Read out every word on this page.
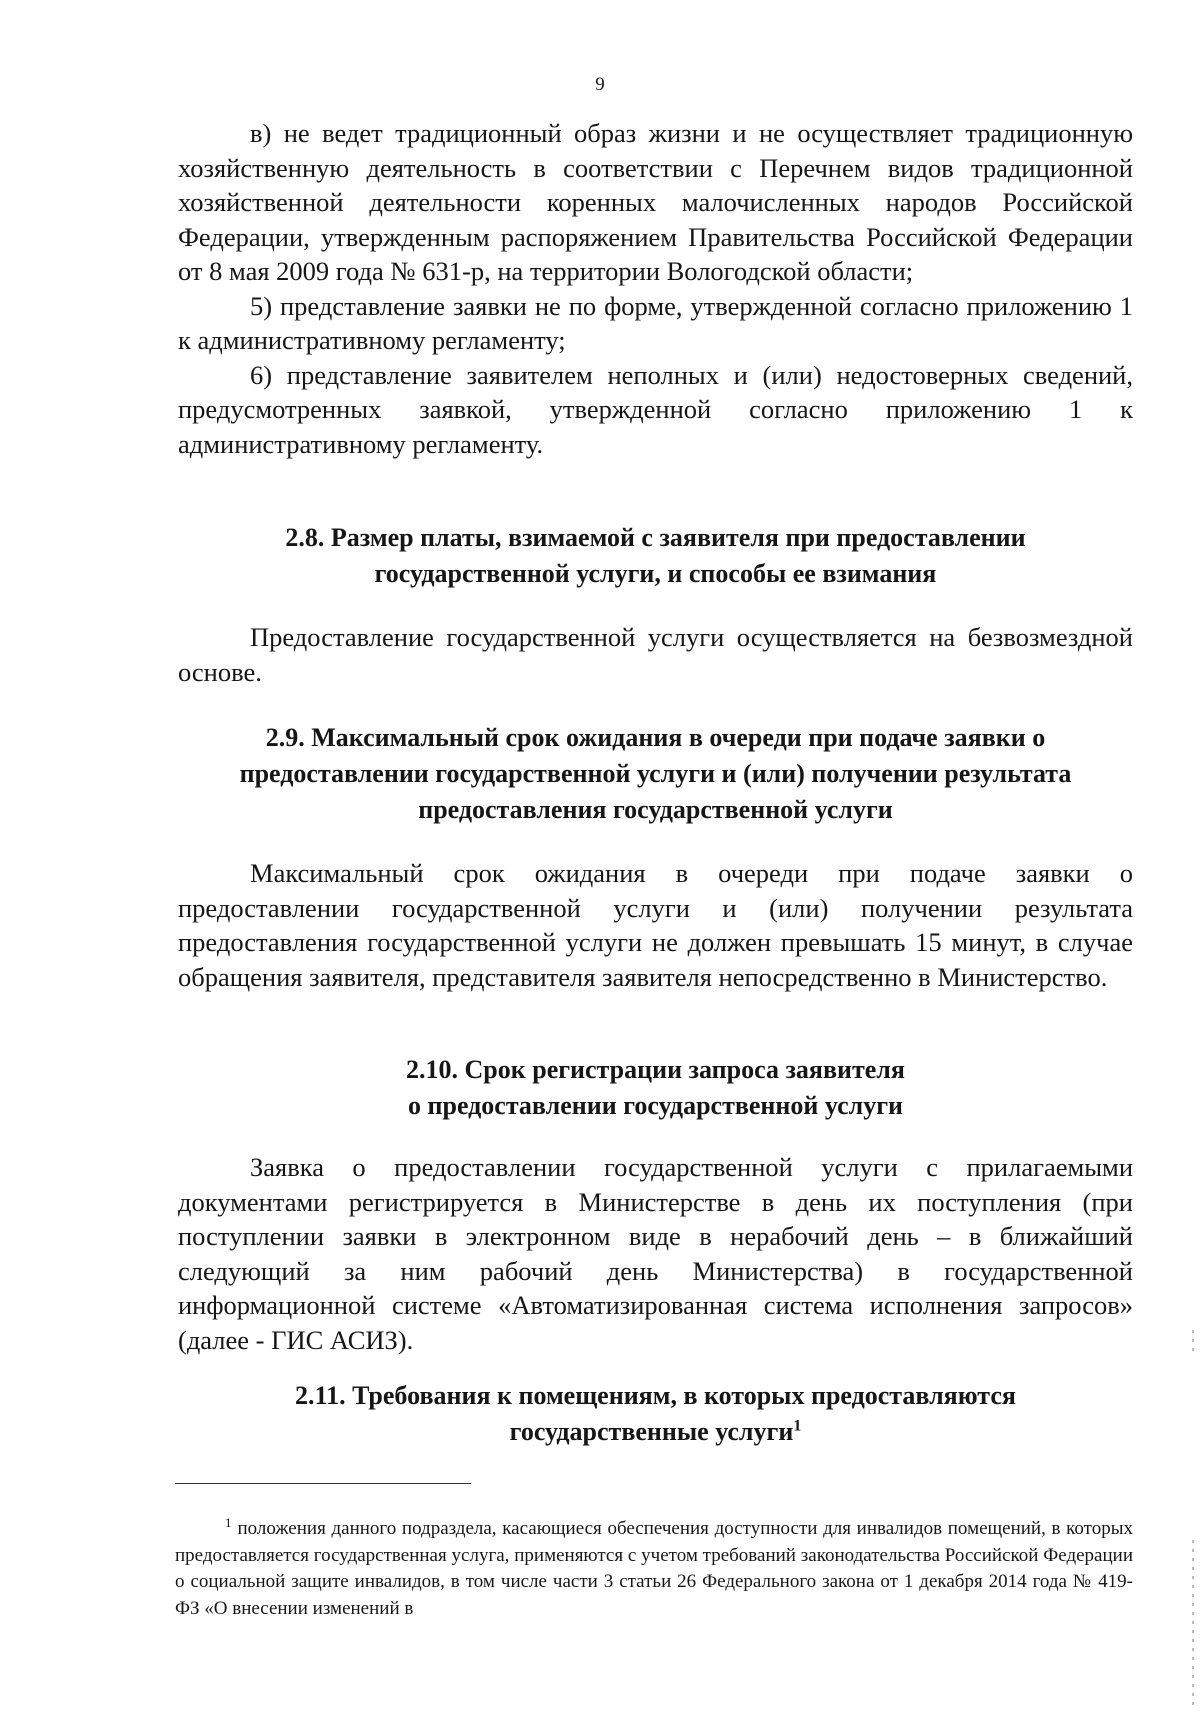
9

в) не ведет традиционный образ жизни и не осуществляет традиционную хозяйственную деятельность в соответствии с Перечнем видов традиционной хозяйственной деятельности коренных малочисленных народов Российской Федерации, утвержденным распоряжением Правительства Российской Федерации от 8 мая 2009 года № 631-р, на территории Вологодской области;

5) представление заявки не по форме, утвержденной согласно приложению 1 к административному регламенту;

6) представление заявителем неполных и (или) недостоверных сведений, предусмотренных заявкой, утвержденной согласно приложению 1 к административному регламенту.

2.8. Размер платы, взимаемой с заявителя при предоставлении
государственной услуги, и способы ее взимания

Предоставление государственной услуги осуществляется на безвозмездной основе.

2.9. Максимальный срок ожидания в очереди при подаче заявки о
предоставлении государственной услуги и (или) получении результата
предоставления государственной услуги

Максимальный срок ожидания в очереди при подаче заявки о предоставлении государственной услуги и (или) получении результата предоставления государственной услуги не должен превышать 15 минут, в случае обращения заявителя, представителя заявителя непосредственно в Министерство.

2.10. Срок регистрации запроса заявителя
о предоставлении государственной услуги

Заявка о предоставлении государственной услуги с прилагаемыми документами регистрируется в Министерстве в день их поступления (при поступлении заявки в электронном виде в нерабочий день – в ближайший следующий за ним рабочий день Министерства) в государственной информационной системе «Автоматизированная система исполнения запросов» (далее - ГИС АСИЗ).

2.11. Требования к помещениям, в которых предоставляются
государственные услуги$^1$
$^1$ положения данного подраздела, касающиеся обеспечения доступности для инвалидов помещений, в которых предоставляется государственная услуга, применяются с учетом требований законодательства Российской Федерации о социальной защите инвалидов, в том числе части 3 статьи 26 Федерального закона от 1 декабря 2014 года № 419-ФЗ «О внесении изменений в
